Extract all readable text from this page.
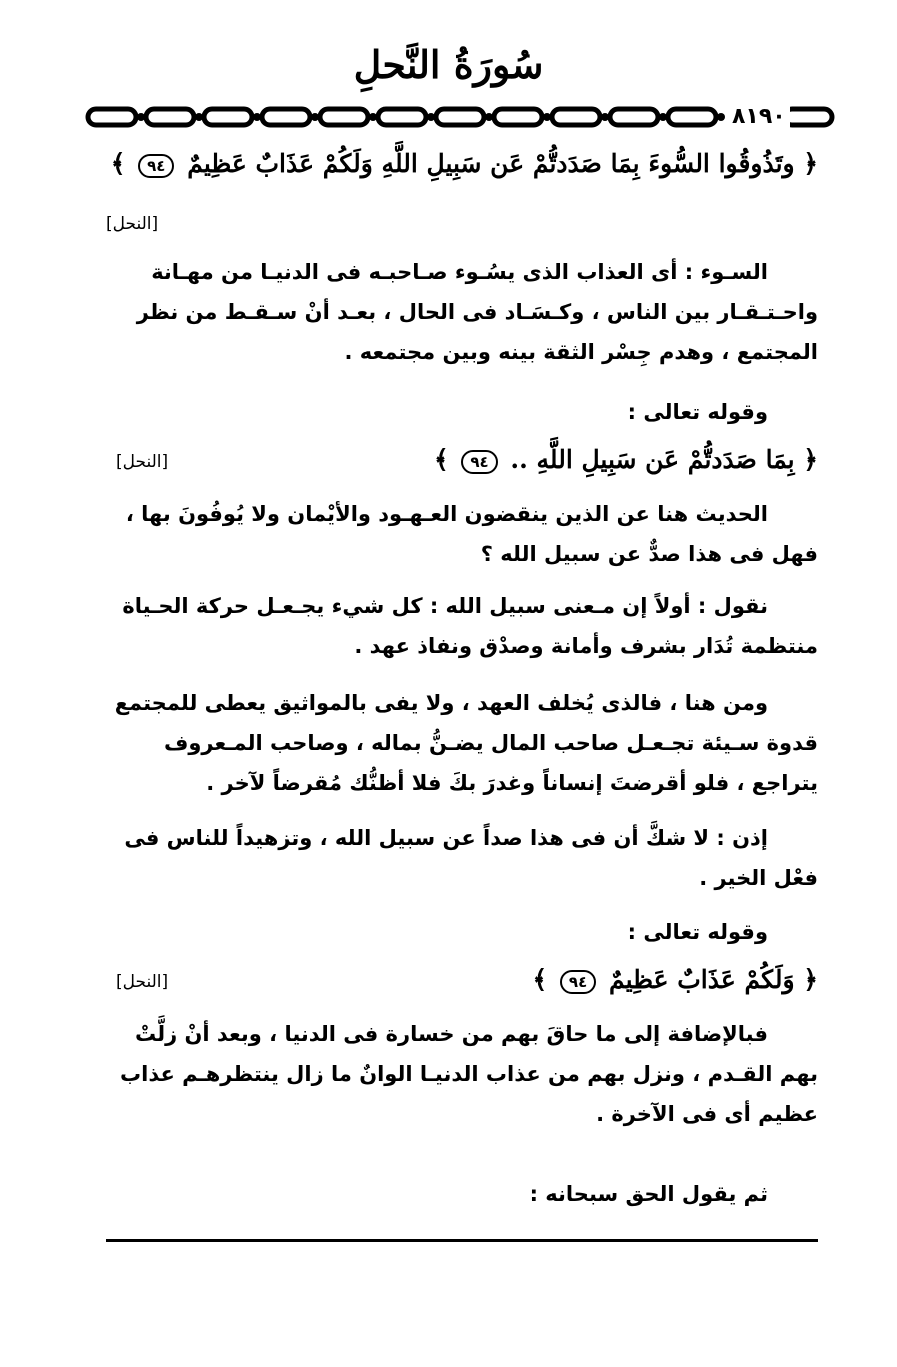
سُورَةُ النَّحلِ
٨١٩٠
﴿ وتَذُوقُوا السُّوءَ بِمَا صَدَدتُّمْ عَن سَبِيلِ اللَّهِ وَلَكُمْ عَذَابٌ عَظِيمٌ ٩٤ ﴾
[النحل]
السـوء : أى العذاب الذى يسُـوء صـاحبـه فى الدنيـا من مهـانة
واحـتـقـار بين الناس ، وكـسَـاد فى الحال ، بعـد أنْ سـقـط من نظر
المجتمع ، وهدم جِسْر الثقة بينه وبين مجتمعه .
وقوله تعالى :
﴿ بِمَا صَدَدتُّمْ عَن سَبِيلِ اللَّهِ .. ٩٤ ﴾
[النحل]
الحديث هنا عن الذين ينقضون العـهـود والأيْمان ولا يُوفُونَ بها ،
فهل فى هذا صدٌّ عن سبيل الله ؟
نقول : أولاً إن مـعنى سبيل الله : كل شيء يجـعـل حركة الحـياة
منتظمة تُدَار بشرف وأمانة وصدْق ونفاذ عهد .
ومن هنا ، فالذى يُخلف العهد ، ولا يفى بالمواثيق يعطى للمجتمع
قدوة سـيئة تجـعـل صاحب المال يضـنُّ بماله ، وصاحب المـعروف
يتراجع ، فلو أقرضتَ إنساناً وغدرَ بكَ فلا أظنُّك مُقرضاً لآخر .
إذن : لا شكَّ أن فى هذا صداً عن سبيل الله ، وتزهيداً للناس فى
فعْل الخير .
وقوله تعالى :
﴿ وَلَكُمْ عَذَابٌ عَظِيمٌ ٩٤ ﴾
[النحل]
فبالإضافة إلى ما حاقَ بهم من خسارة فى الدنيا ، وبعد أنْ زلَّتْ
بهم القـدم ، ونزل بهم من عذاب الدنيـا الوانٌ ما زال ينتظرهـم عذاب
عظيم أى فى الآخرة .
ثم يقول الحق سبحانه :
